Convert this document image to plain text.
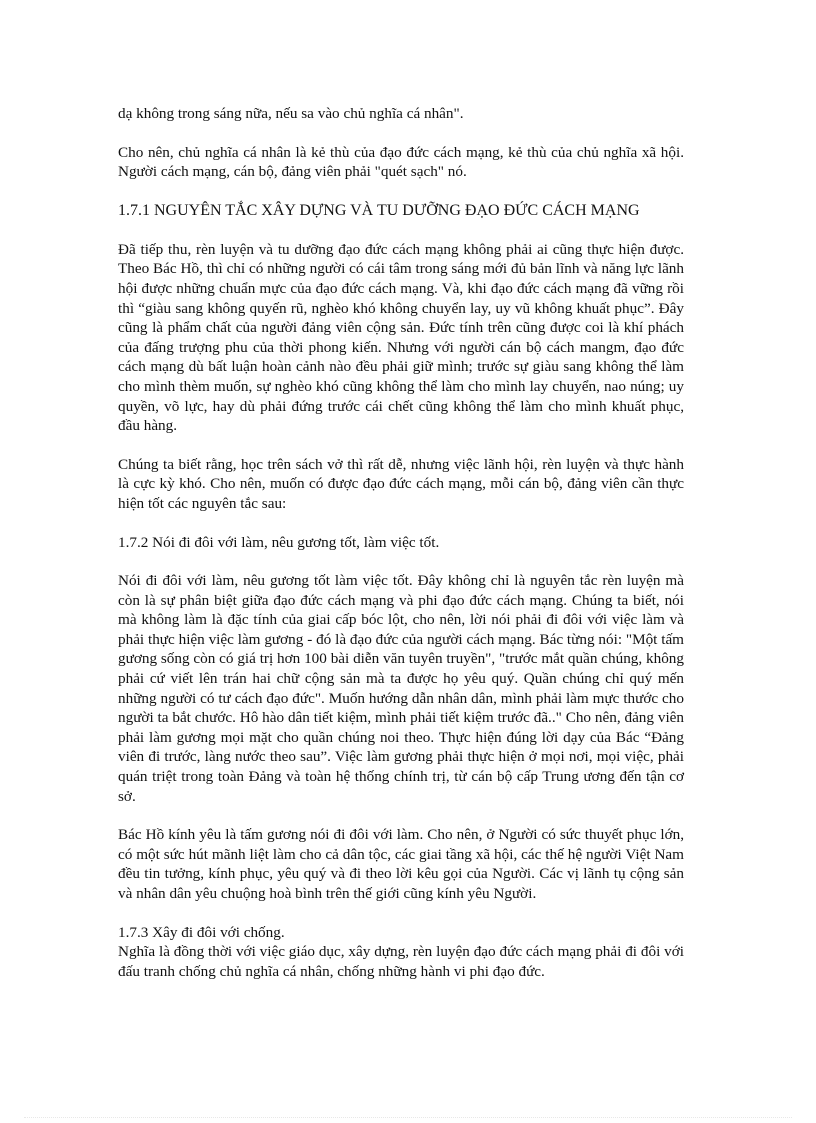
dạ không trong sáng nữa, nếu sa vào chủ nghĩa cá nhân".

Cho nên, chủ nghĩa cá nhân là kẻ thù của đạo đức cách mạng, kẻ thù của chủ nghĩa xã hội. Người cách mạng, cán bộ, đảng viên phải "quét sạch" nó.

1.7.1 NGUYÊN TẮC XÂY DỰNG VÀ TU DƯỠNG ĐẠO ĐỨC CÁCH MẠNG

Đã tiếp thu, rèn luyện và tu dưỡng đạo đức cách mạng không phải ai cũng thực hiện được. Theo Bác Hồ, thì chỉ có những người có cái tâm trong sáng mới đủ bản lĩnh và năng lực lãnh hội được những chuẩn mực của đạo đức cách mạng. Và, khi đạo đức cách mạng đã vững rồi thì “giàu sang không quyến rũ, nghèo khó không chuyển lay, uy vũ không khuất phục”. Đây cũng là phẩm chất của người đảng viên cộng sản. Đức tính trên cũng được coi là khí phách của đấng trượng phu của thời phong kiến. Nhưng với người cán bộ cách mangm, đạo đức cách mạng dù bất luận hoàn cảnh nào đều phải giữ mình; trước sự giàu sang không thể làm cho mình thèm muốn, sự nghèo khó cũng không thể làm cho mình lay chuyển, nao núng; uy quyền, võ lực, hay dù phải đứng trước cái chết cũng không thể làm cho mình khuất phục, đầu hàng.

Chúng ta biết rằng, học trên sách vở thì rất dễ, nhưng việc lãnh hội, rèn luyện và thực hành là cực kỳ khó. Cho nên, muốn có được đạo đức cách mạng, mỗi cán bộ, đảng viên cần thực hiện tốt các nguyên tắc sau:

1.7.2 Nói đi đôi với làm, nêu gương tốt, làm việc tốt.

Nói đi đôi với làm, nêu gương tốt làm việc tốt. Đây không chỉ là nguyên tắc rèn luyện mà còn là sự phân biệt giữa đạo đức cách mạng và phi đạo đức cách mạng. Chúng ta biết, nói mà không làm là đặc tính của giai cấp bóc lột, cho nên, lời nói phải đi đôi với việc làm và phải thực hiện việc làm gương - đó là đạo đức của người cách mạng. Bác từng nói: "Một tấm gương sống còn có giá trị hơn 100 bài diễn văn tuyên truyền", "trước mắt quần chúng, không phải cứ viết lên trán hai chữ cộng sản mà ta được họ yêu quý. Quần chúng chỉ quý mến những người có tư cách đạo đức". Muốn hướng dẫn nhân dân, mình phải làm mực thước cho người ta bắt chước. Hô hào dân tiết kiệm, mình phải tiết kiệm trước đã.." Cho nên, đảng viên phải làm gương mọi mặt cho quần chúng noi theo. Thực hiện đúng lời dạy của Bác “Đảng viên đi trước, làng nước theo sau”. Việc làm gương phải thực hiện ở mọi nơi, mọi việc, phải quán triệt trong toàn Đảng và toàn hệ thống chính trị, từ cán bộ cấp Trung ương đến tận cơ sở.

Bác Hồ kính yêu là tấm gương nói đi đôi với làm. Cho nên, ở Người có sức thuyết phục lớn, có một sức hút mãnh liệt làm cho cả dân tộc, các giai tầng xã hội, các thế hệ người Việt Nam đều tin tưởng, kính phục, yêu quý và đi theo lời kêu gọi của Người. Các vị lãnh tụ cộng sản và nhân dân yêu chuộng hoà bình trên thế giới cũng kính yêu Người.

1.7.3 Xây đi đôi với chống.

Nghĩa là đồng thời với việc giáo dục, xây dựng, rèn luyện đạo đức cách mạng phải đi đôi với đấu tranh chống chủ nghĩa cá nhân, chống những hành vi phi đạo đức.
